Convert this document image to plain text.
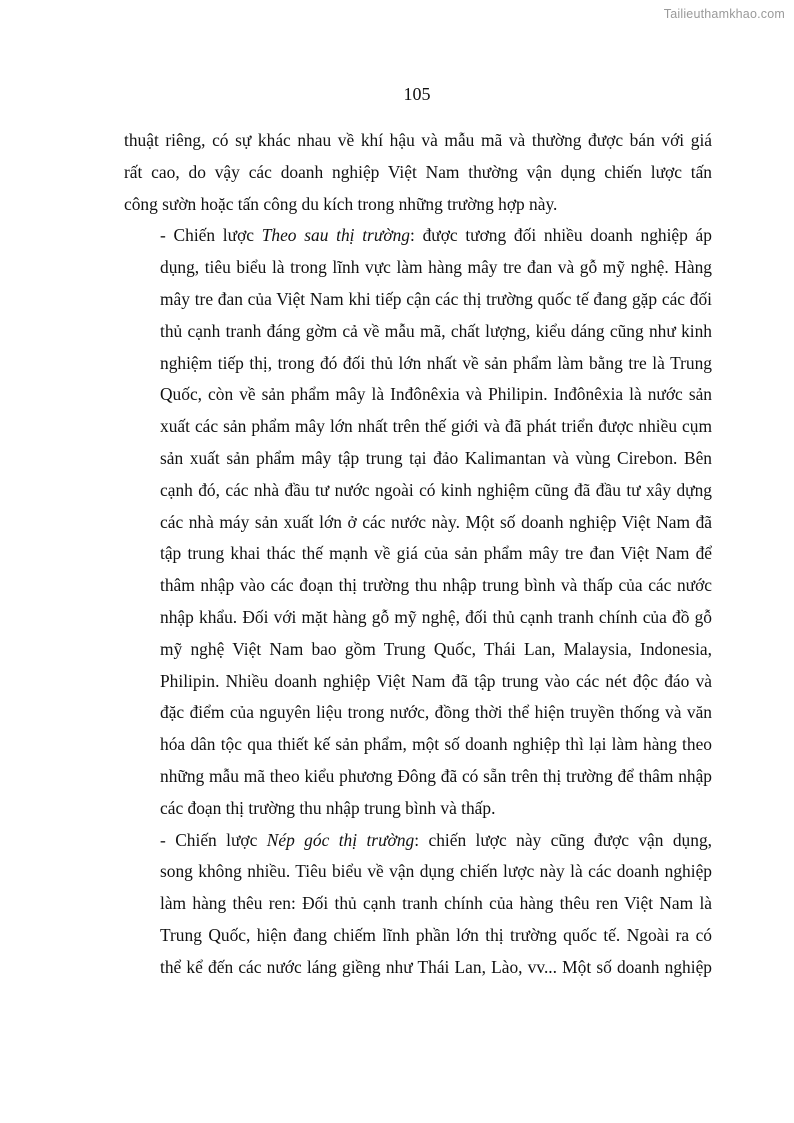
Tailieuthamkhao.com
105

thuật riêng, có sự khác nhau về khí hậu và mẫu mã và thường được bán với giá
rất cao, do vậy các doanh nghiệp Việt Nam thường vận dụng chiến lược tấn
công sườn hoặc tấn công du kích trong những trường hợp này.

- Chiến lược Theo sau thị trường: được tương đối nhiều doanh nghiệp áp
dụng, tiêu biểu là trong lĩnh vực làm hàng mây tre đan và gỗ mỹ nghệ. Hàng
mây tre đan của Việt Nam khi tiếp cận các thị trường quốc tế đang gặp các đối
thủ cạnh tranh đáng gờm cả về mẫu mã, chất lượng, kiểu dáng cũng như kinh
nghiệm tiếp thị, trong đó đối thủ lớn nhất về sản phẩm làm bằng tre là Trung
Quốc, còn về sản phẩm mây là Inđônêxia và Philipin. Inđônêxia là nước sản
xuất các sản phẩm mây lớn nhất trên thế giới và đã phát triển được nhiều cụm
sản xuất sản phẩm mây tập trung tại đảo Kalimantan và vùng Cirebon. Bên
cạnh đó, các nhà đầu tư nước ngoài có kinh nghiệm cũng đã đầu tư xây dựng
các nhà máy sản xuất lớn ở các nước này. Một số doanh nghiệp Việt Nam đã
tập trung khai thác thế mạnh về giá của sản phẩm mây tre đan Việt Nam để
thâm nhập vào các đoạn thị trường thu nhập trung bình và thấp của các nước
nhập khẩu. Đối với mặt hàng gỗ mỹ nghệ, đối thủ cạnh tranh chính của đồ gỗ
mỹ nghệ Việt Nam bao gồm Trung Quốc, Thái Lan, Malaysia, Indonesia,
Philipin. Nhiều doanh nghiệp Việt Nam đã tập trung vào các nét độc đáo và
đặc điểm của nguyên liệu trong nước, đồng thời thể hiện truyền thống và văn
hóa dân tộc qua thiết kế sản phẩm, một số doanh nghiệp thì lại làm hàng theo
những mẫu mã theo kiểu phương Đông đã có sẵn trên thị trường để thâm nhập
các đoạn thị trường thu nhập trung bình và thấp.

- Chiến lược Nép góc thị trường: chiến lược này cũng được vận dụng,
song không nhiều. Tiêu biểu về vận dụng chiến lược này là các doanh nghiệp
làm hàng thêu ren: Đối thủ cạnh tranh chính của hàng thêu ren Việt Nam là
Trung Quốc, hiện đang chiếm lĩnh phần lớn thị trường quốc tế. Ngoài ra có
thể kể đến các nước láng giềng như Thái Lan, Lào, vv... Một số doanh nghiệp
